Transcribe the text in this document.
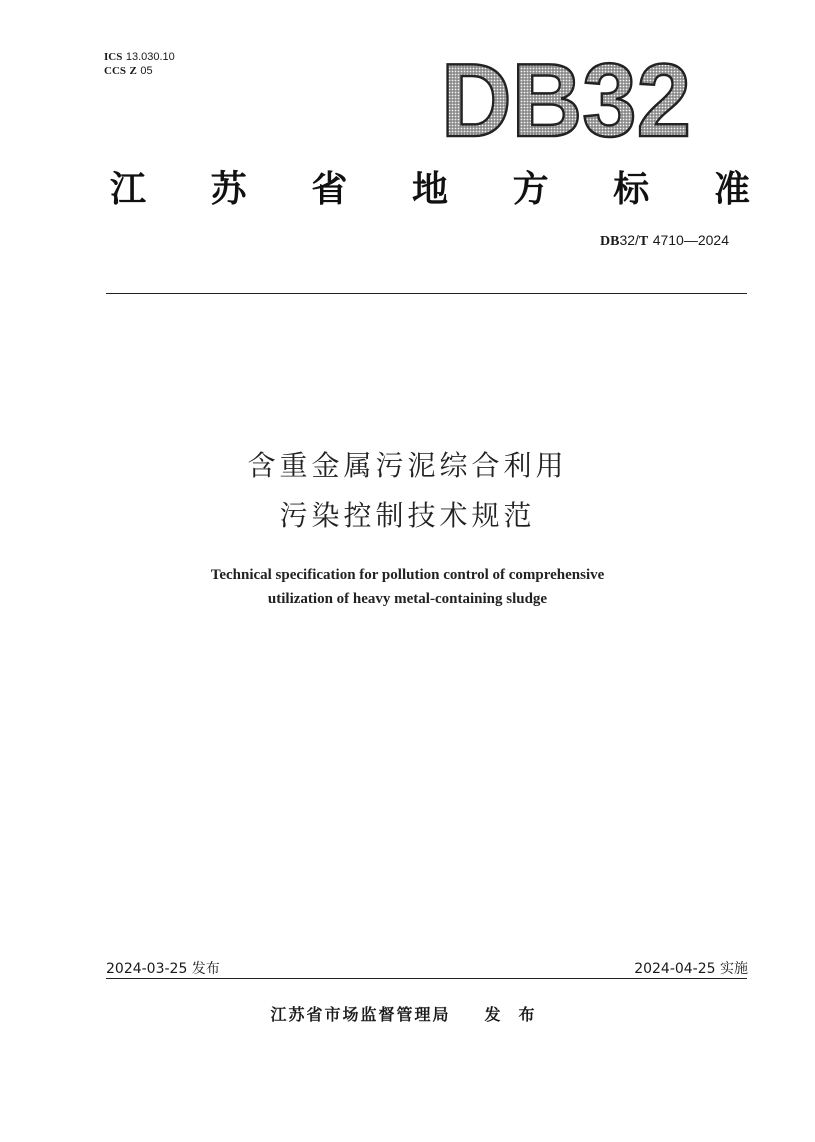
ICS 13.030.10
CCS Z 05	DB32
江 苏 省 地 方 标 准
DB32/T 4710—2024
含重金属污泥综合利用
污染控制技术规范
Technical specification for pollution control of comprehensive
utilization of heavy metal-containing sludge
2024-03-25 发布	2024-04-25 实施
江苏省市场监督管理局 发 布
